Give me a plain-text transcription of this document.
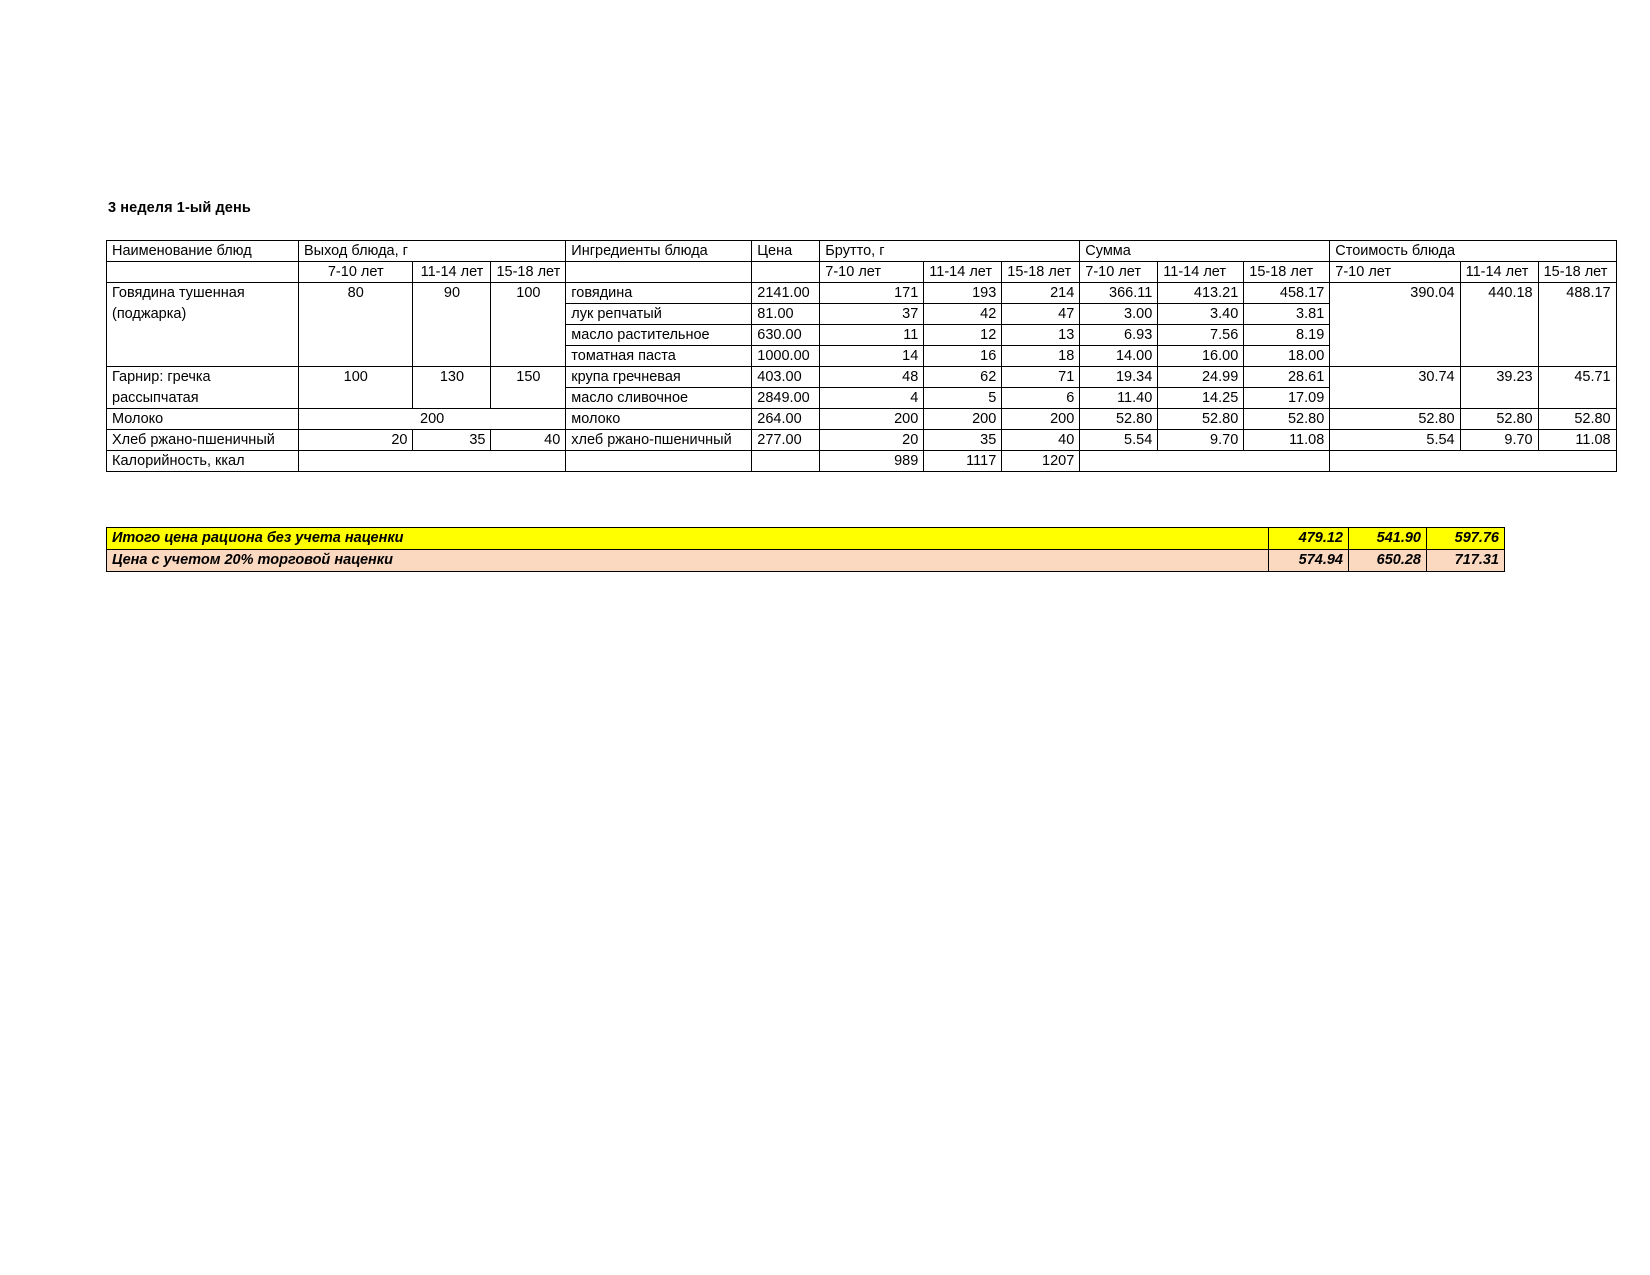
3 неделя 1-ый день
Наименование блюд	Выход блюда, г			Ингредиенты блюда	Цена	Брутто, г			Сумма			Стоимость блюда		
	7-10 лет	11-14 лет	15-18 лет			7-10 лет	11-14 лет	15-18 лет	7-10 лет	11-14 лет	15-18 лет	7-10 лет	11-14 лет	15-18 лет
Говядина тушенная	80	90	100	говядина	2141.00	171	193	214	366.11	413.21	458.17	390.04	440.18	488.17
(поджарка)				лук репчатый	81.00	37	42	47	3.00	3.40	3.81			
				масло растительное	630.00	11	12	13	6.93	7.56	8.19			
				томатная паста	1000.00	14	16	18	14.00	16.00	18.00			
Гарнир: гречка	100	130	150	крупа гречневая	403.00	48	62	71	19.34	24.99	28.61	30.74	39.23	45.71
рассыпчатая				масло сливочное	2849.00	4	5	6	11.40	14.25	17.09			
Молоко	200			молоко	264.00	200	200	200	52.80	52.80	52.80	52.80	52.80	52.80
Хлеб ржано-пшеничный	20	35	40	хлеб ржано-пшеничный	277.00	20	35	40	5.54	9.70	11.08	5.54	9.70	11.08
Калорийность, ккал						989	1117	1207						
Итого цена рациона без учета наценки	479.12	541.90	597.76
Цена с учетом 20% торговой наценки	574.94	650.28	717.31
